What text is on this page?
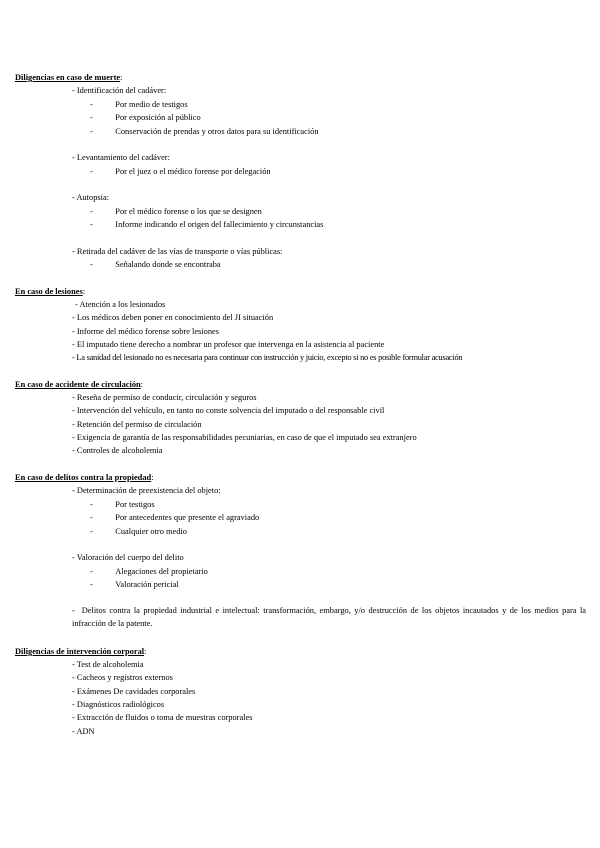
Diligencias en caso de muerte:
- Identificación del cadáver:
-	Por medio de testigos
-	Por exposición al público
-	Conservación de prendas y otros datos para su identificación
- Levantamiento del cadáver:
-	Por el juez o el médico forense por delegación
- Autopsia:
-	Por el médico forense o los que se designen
-	Informe indicando el origen del fallecimiento y circunstancias
- Retirada del cadáver de las vías de transporte o vías públicas:
-	Señalando donde se encontraba
En caso de lesiones:
- Atención a los lesionados
- Los médicos deben poner en conocimiento del JI situación
- Informe del médico forense sobre lesiones
- El imputado tiene derecho a nombrar un profesor que intervenga en la asistencia al paciente
- La sanidad del lesionado no es necesaria para continuar con instrucción y juicio, excepto si no es posible formular acusación
En caso de accidente de circulación:
- Reseña de permiso de conducir, circulación y seguros
- Intervención del vehículo, en tanto no conste solvencia del imputado o del responsable civil
- Retención del permiso de circulación
- Exigencia de garantía de las responsabilidades pecuniarias, en caso de que el imputado sea extranjero
- Controles de alcoholemia
En caso de delitos contra la propiedad:
- Determinación de preexistencia del objeto:
-	Por testigos
-	Por antecedentes que presente el agraviado
-	Cualquier otro medio
- Valoración del cuerpo del delito
-	Alegaciones del propietario
-	Valoración pericial
- Delitos contra la propiedad industrial e intelectual: transformación, embargo, y/o destrucción de los objetos incautados y de los medios para la infracción de la patente.
Diligencias de intervención corporal:
- Test de alcoholemia
- Cacheos y registros externos
- Exámenes De cavidades corporales
- Diagnósticos radiológicos
- Extracción de fluidos o toma de muestras corporales
- ADN
